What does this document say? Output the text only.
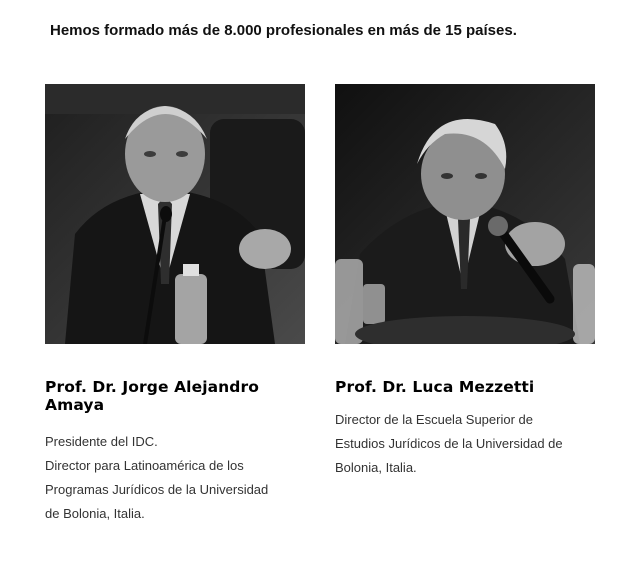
Hemos formado más de 8.000 profesionales en más de 15 países.
Prof. Dr. Jorge Alejandro
Amaya
Presidente del IDC.
Director para Latinoamérica de los
Programas Jurídicos de la Universidad
de Bolonia, Italia.
Prof. Dr. Luca Mezzetti
Director de la Escuela Superior de
Estudios Jurídicos de la Universidad de
Bolonia, Italia.
